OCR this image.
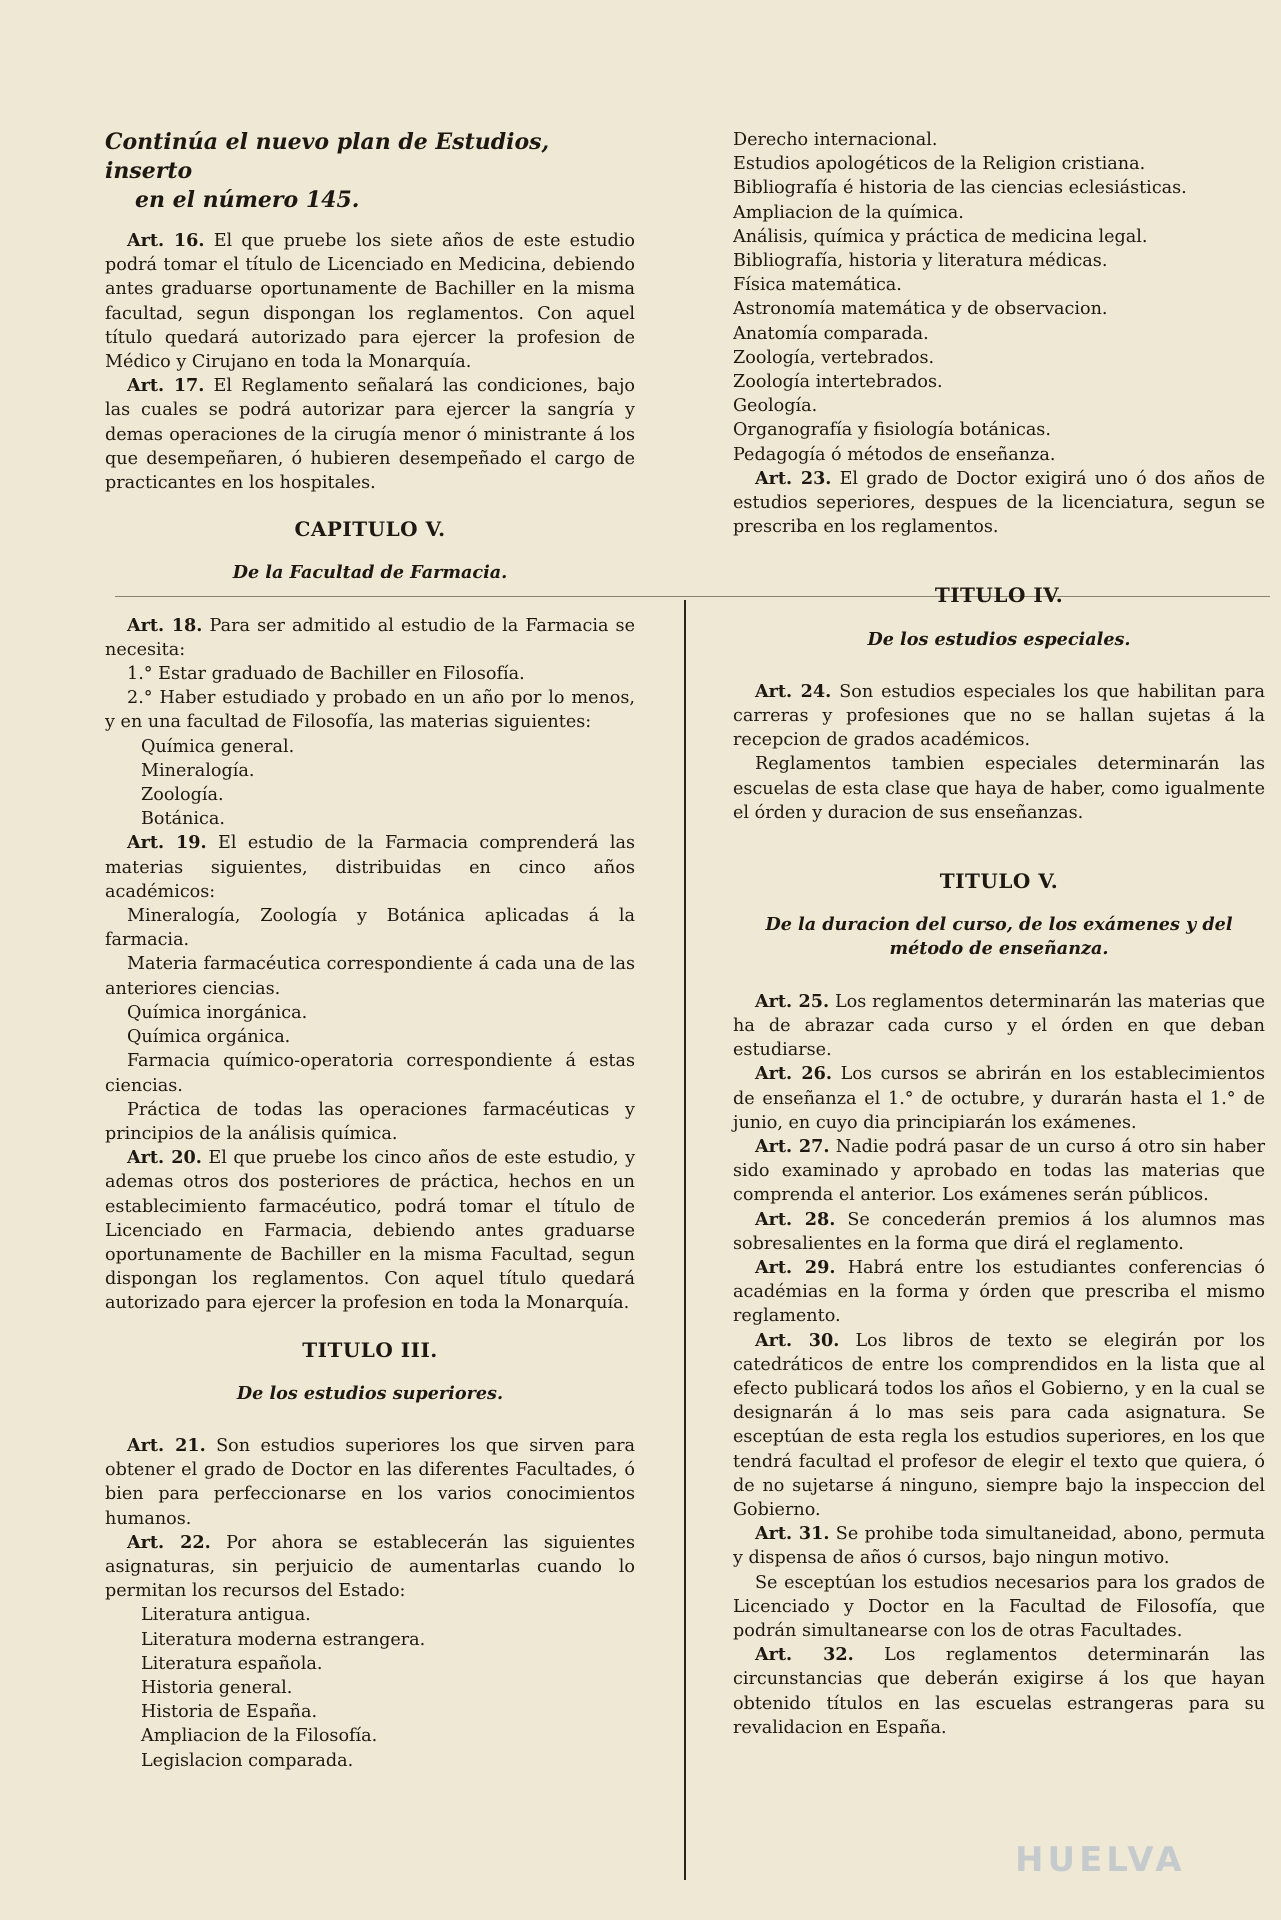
Continúa el nuevo plan de Estudios, inserto
en el número 145.

Art. 16. El que pruebe los siete años de este estudio podrá tomar el título de Licenciado en Medicina, debiendo antes graduarse oportunamente de Bachiller en la misma facultad, segun dispongan los reglamentos. Con aquel título quedará autorizado para ejercer la profesion de Médico y Cirujano en toda la Monarquía.

Art. 17. El Reglamento señalará las condiciones, bajo las cuales se podrá autorizar para ejercer la sangría y demas operaciones de la cirugía menor ó ministrante á los que desempeñaren, ó hubieren desempeñado el cargo de practicantes en los hospitales.

CAPITULO V.
De la Facultad de Farmacia.

Art. 18. Para ser admitido al estudio de la Farmacia se necesita:

1.° Estar graduado de Bachiller en Filosofía.

2.° Haber estudiado y probado en un año por lo menos, y en una facultad de Filosofía, las materias siguientes:

Química general.

Mineralogía.

Zoología.

Botánica.

Art. 19. El estudio de la Farmacia comprenderá las materias siguientes, distribuidas en cinco años académicos:

Mineralogía, Zoología y Botánica aplicadas á la farmacia.

Materia farmacéutica correspondiente á cada una de las anteriores ciencias.

Química inorgánica.

Química orgánica.

Farmacia químico-operatoria correspondiente á estas ciencias.

Práctica de todas las operaciones farmacéuticas y principios de la análisis química.

Art. 20. El que pruebe los cinco años de este estudio, y ademas otros dos posteriores de práctica, hechos en un establecimiento farmacéutico, podrá tomar el título de Licenciado en Farmacia, debiendo antes graduarse oportunamente de Bachiller en la misma Facultad, segun dispongan los reglamentos. Con aquel título quedará autorizado para ejercer la profesion en toda la Monarquía.

TITULO III.
De los estudios superiores.

Art. 21. Son estudios superiores los que sirven para obtener el grado de Doctor en las diferentes Facultades, ó bien para perfeccionarse en los varios conocimientos humanos.

Art. 22. Por ahora se establecerán las siguientes asignaturas, sin perjuicio de aumentarlas cuando lo permitan los recursos del Estado:

Literatura antigua.

Literatura moderna estrangera.

Literatura española.

Historia general.

Historia de España.

Ampliacion de la Filosofía.

Legislacion comparada.

Derecho internacional.

Estudios apologéticos de la Religion cristiana.

Bibliografía é historia de las ciencias eclesiásticas.

Ampliacion de la química.

Análisis, química y práctica de medicina legal.

Bibliografía, historia y literatura médicas.

Física matemática.

Astronomía matemática y de observacion.

Anatomía comparada.

Zoología, vertebrados.

Zoología intertebrados.

Geología.

Organografía y fisiología botánicas.

Pedagogía ó métodos de enseñanza.

Art. 23. El grado de Doctor exigirá uno ó dos años de estudios seperiores, despues de la licenciatura, segun se prescriba en los reglamentos.

TITULO IV.
De los estudios especiales.

Art. 24. Son estudios especiales los que habilitan para carreras y profesiones que no se hallan sujetas á la recepcion de grados académicos.

Reglamentos tambien especiales determinarán las escuelas de esta clase que haya de haber, como igualmente el órden y duracion de sus enseñanzas.

TITULO V.
De la duracion del curso, de los exámenes y del método de enseñanza.

Art. 25. Los reglamentos determinarán las materias que ha de abrazar cada curso y el órden en que deban estudiarse.

Art. 26. Los cursos se abrirán en los establecimientos de enseñanza el 1.° de octubre, y durarán hasta el 1.° de junio, en cuyo dia principiarán los exámenes.

Art. 27. Nadie podrá pasar de un curso á otro sin haber sido examinado y aprobado en todas las materias que comprenda el anterior. Los exámenes serán públicos.

Art. 28. Se concederán premios á los alumnos mas sobresalientes en la forma que dirá el reglamento.

Art. 29. Habrá entre los estudiantes conferencias ó académias en la forma y órden que prescriba el mismo reglamento.

Art. 30. Los libros de texto se elegirán por los catedráticos de entre los comprendidos en la lista que al efecto publicará todos los años el Gobierno, y en la cual se designarán á lo mas seis para cada asignatura. Se esceptúan de esta regla los estudios superiores, en los que tendrá facultad el profesor de elegir el texto que quiera, ó de no sujetarse á ninguno, siempre bajo la inspeccion del Gobierno.

Art. 31. Se prohibe toda simultaneidad, abono, permuta y dispensa de años ó cursos, bajo ningun motivo.

Se esceptúan los estudios necesarios para los grados de Licenciado y Doctor en la Facultad de Filosofía, que podrán simultanearse con los de otras Facultades.

Art. 32. Los reglamentos determinarán las circunstancias que deberán exigirse á los que hayan obtenido títulos en las escuelas estrangeras para su revalidacion en España.

HUELVA
